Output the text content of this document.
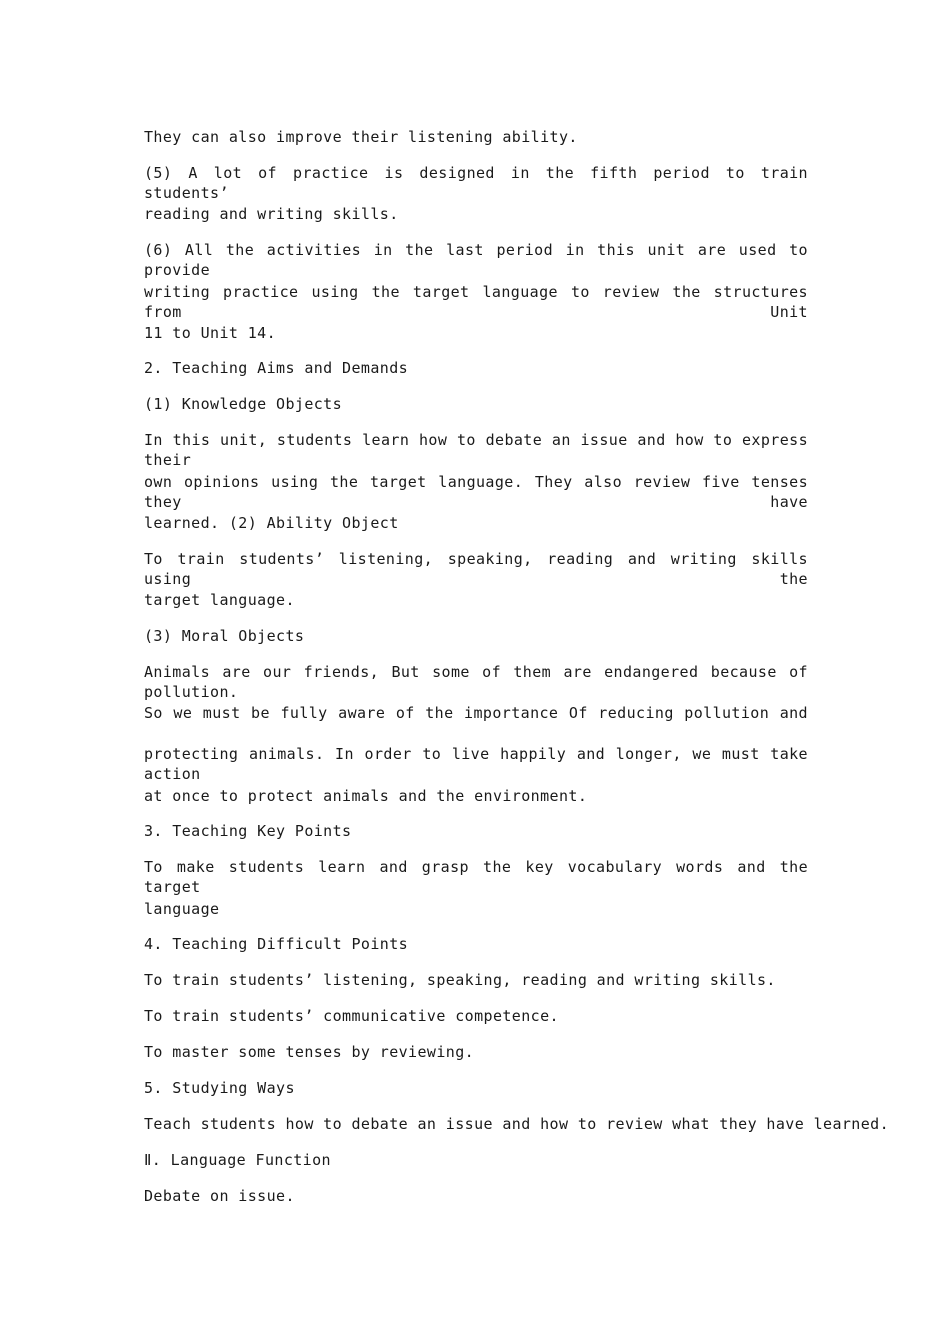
They can also improve their listening ability.
(5) A lot of practice is designed in the fifth period to train students’
reading and writing skills.
(6) All the activities in the last period in this unit are used to provide
writing practice using the target language to review the structures from Unit
11 to Unit 14.
2. Teaching Aims and Demands
(1) Knowledge Objects
In this unit, students learn how to debate an issue and how to express their
own opinions using the target language. They also review five tenses they have
learned. (2) Ability Object
To train students’ listening, speaking, reading and writing skills using the
target language.
(3) Moral Objects
Animals are our friends, But some of them are endangered because of pollution.
So we must be fully aware of the importance Of reducing pollution and
protecting animals. In order to live happily and longer, we must take action
at once to protect animals and the environment.
3. Teaching Key Points
To make students learn and grasp the key vocabulary words and the target
language
4. Teaching Difficult Points
To train students’ listening, speaking, reading and writing skills.
To train students’ communicative competence.
To master some tenses by reviewing.
5. Studying Ways
Teach students how to debate an issue and how to review what they have learned.
Ⅱ. Language Function
Debate on issue.
